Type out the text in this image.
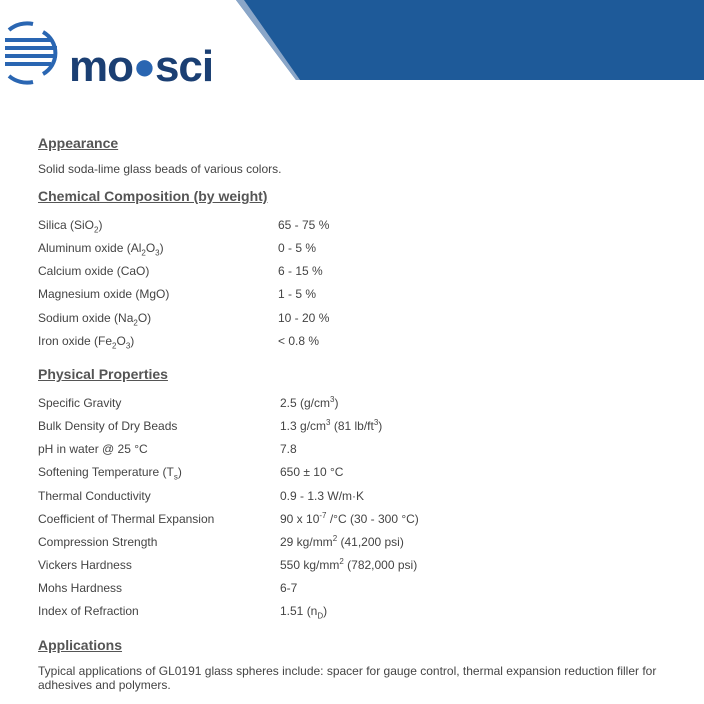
mo●sci
Appearance

Solid soda-lime glass beads of various colors.

Chemical Composition (by weight)
Silica (SiO$_2$)	65 - 75 %
Aluminum oxide $(Al_2O_3)$	0 - 5 %
Calcium oxide (CaO)	6 - 15 %
Magnesium oxide (MgO)	1 - 5 %
Sodium oxide $(Na_2O)$	10 - 20 %
Iron oxide $(Fe_2O_3)$	< 0.8 %
Physical Properties
Specific Gravity	2.5 $(g/cm^3)$
Bulk Density of Dry Beads	1.3 $g/cm^3$ (81 $lb/ft^3$)
pH in water @ 25 °C	7.8
Softening Temperature $(T_s)$	650 ± 10 °C
Thermal Conductivity	0.9 - 1.3 W/m·K
Coefficient of Thermal Expansion	90 x $10^{-7}$ /°C (30 - 300 °C)
Compression Strength	29 $kg/mm^2$ (41,200 psi)
Vickers Hardness	550 $kg/mm^2$ (782,000 psi)
Mohs Hardness	6-7
Index of Refraction	1.51 $(n_D)$
Applications

Typical applications of GL0191 glass spheres include: spacer for gauge control, thermal expansion reduction filler for adhesives and polymers.
